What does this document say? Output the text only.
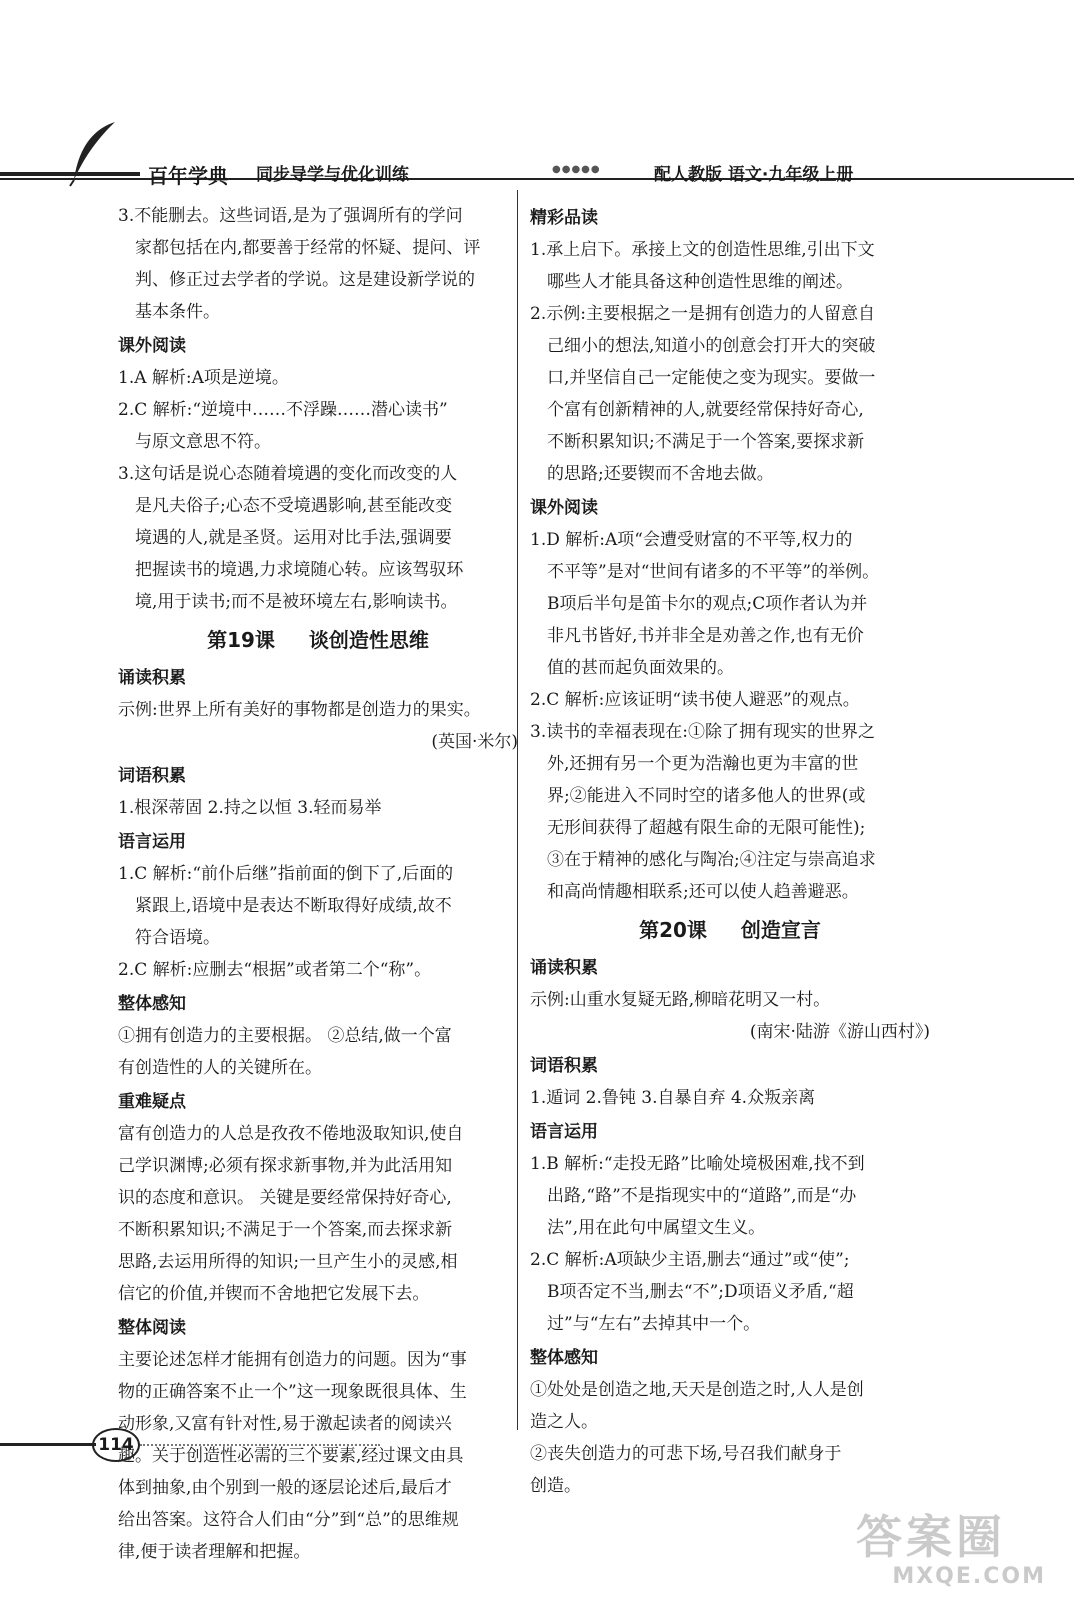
百年学典 同步导学与优化训练	●●●●●	配人教版 语文·九年级上册

3.不能删去。这些词语,是为了强调所有的学问

家都包括在内,都要善于经常的怀疑、提问、评

判、修正过去学者的学说。这是建设新学说的

基本条件。

课外阅读

1.A 解析:A项是逆境。

2.C 解析:“逆境中……不浮躁……潜心读书”

与原文意思不符。

3.这句话是说心态随着境遇的变化而改变的人

是凡夫俗子;心态不受境遇影响,甚至能改变

境遇的人,就是圣贤。运用对比手法,强调要

把握读书的境遇,力求境随心转。应该驾驭环

境,用于读书;而不是被环境左右,影响读书。

第19课 谈创造性思维

诵读积累

示例:世界上所有美好的事物都是创造力的果实。

(英国·米尔)

词语积累

1.根深蒂固 2.持之以恒 3.轻而易举

语言运用

1.C 解析:“前仆后继”指前面的倒下了,后面的

紧跟上,语境中是表达不断取得好成绩,故不

符合语境。

2.C 解析:应删去“根据”或者第二个“称”。

整体感知

①拥有创造力的主要根据。 ②总结,做一个富

有创造性的人的关键所在。

重难疑点

富有创造力的人总是孜孜不倦地汲取知识,使自

己学识渊博;必须有探求新事物,并为此活用知

识的态度和意识。 关键是要经常保持好奇心,

不断积累知识;不满足于一个答案,而去探求新

思路,去运用所得的知识;一旦产生小的灵感,相

信它的价值,并锲而不舍地把它发展下去。

整体阅读

主要论述怎样才能拥有创造力的问题。因为“事

物的正确答案不止一个”这一现象既很具体、生

动形象,又富有针对性,易于激起读者的阅读兴

趣。关于创造性必需的三个要素,经过课文由具

体到抽象,由个别到一般的逐层论述后,最后才

给出答案。这符合人们由“分”到“总”的思维规

律,便于读者理解和把握。

精彩品读

1.承上启下。承接上文的创造性思维,引出下文

哪些人才能具备这种创造性思维的阐述。

2.示例:主要根据之一是拥有创造力的人留意自

己细小的想法,知道小的创意会打开大的突破

口,并坚信自己一定能使之变为现实。要做一

个富有创新精神的人,就要经常保持好奇心,

不断积累知识;不满足于一个答案,要探求新

的思路;还要锲而不舍地去做。

课外阅读

1.D 解析:A项“会遭受财富的不平等,权力的

不平等”是对“世间有诸多的不平等”的举例。

B项后半句是笛卡尔的观点;C项作者认为并

非凡书皆好,书并非全是劝善之作,也有无价

值的甚而起负面效果的。

2.C 解析:应该证明“读书使人避恶”的观点。

3.读书的幸福表现在:①除了拥有现实的世界之

外,还拥有另一个更为浩瀚也更为丰富的世

界;②能进入不同时空的诸多他人的世界(或

无形间获得了超越有限生命的无限可能性);

③在于精神的感化与陶冶;④注定与崇高追求

和高尚情趣相联系;还可以使人趋善避恶。

第20课 创造宣言

诵读积累

示例:山重水复疑无路,柳暗花明又一村。

(南宋·陆游《游山西村》)

词语积累

1.遁词 2.鲁钝 3.自暴自弃 4.众叛亲离

语言运用

1.B 解析:“走投无路”比喻处境极困难,找不到

出路,“路”不是指现实中的“道路”,而是“办

法”,用在此句中属望文生义。

2.C 解析:A项缺少主语,删去“通过”或“使”;

B项否定不当,删去“不”;D项语义矛盾,“超

过”与“左右”去掉其中一个。

整体感知

①处处是创造之地,天天是创造之时,人人是创

造之人。

②丧失创造力的可悲下场,号召我们献身于

创造。

114
答案圈
MXQE.COM
